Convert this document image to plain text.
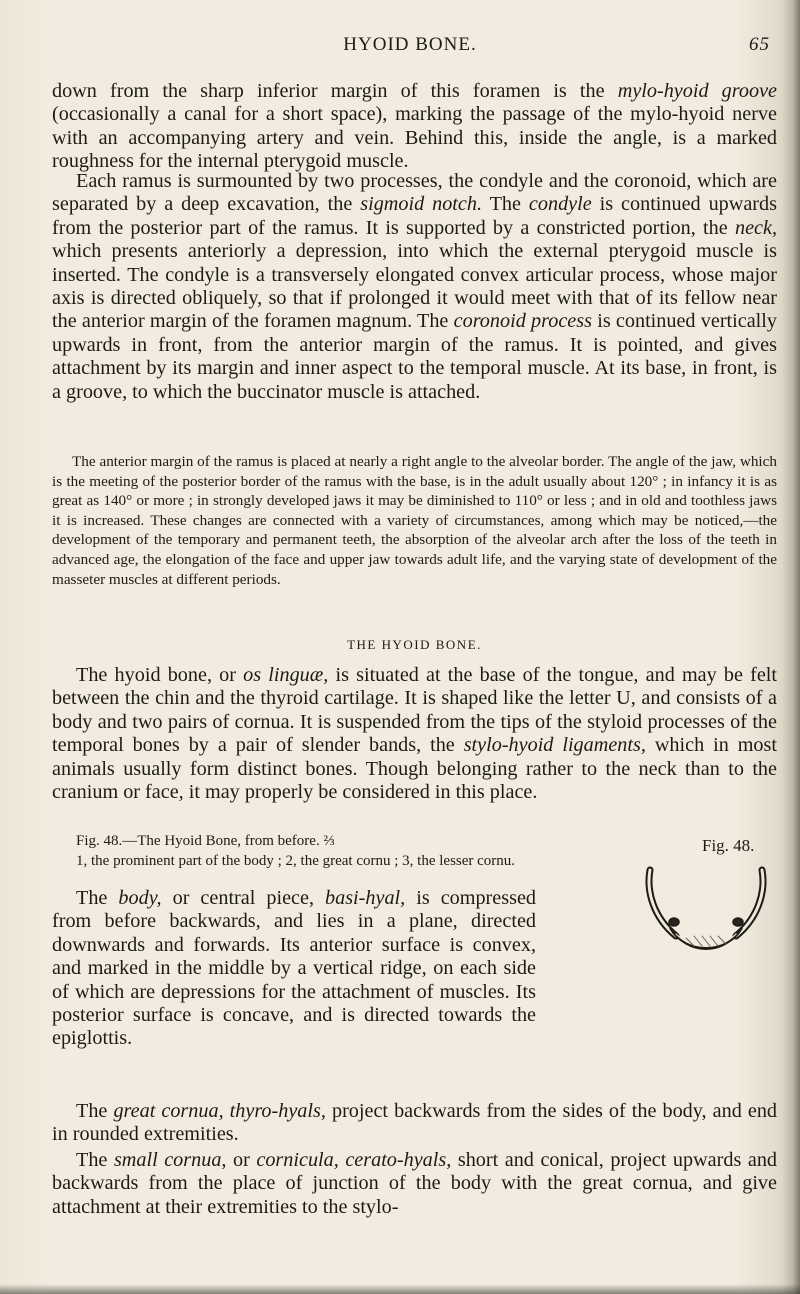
HYOID BONE.	65

down from the sharp inferior margin of this foramen is the mylo-hyoid groove (occasionally a canal for a short space), marking the passage of the mylo-hyoid nerve with an accompanying artery and vein. Behind this, inside the angle, is a marked roughness for the internal pterygoid muscle.

Each ramus is surmounted by two processes, the condyle and the coronoid, which are separated by a deep excavation, the sigmoid notch. The condyle is continued upwards from the posterior part of the ramus. It is supported by a constricted portion, the neck, which presents anteriorly a depression, into which the external pterygoid muscle is inserted. The condyle is a transversely elongated convex articular process, whose major axis is directed obliquely, so that if prolonged it would meet with that of its fellow near the anterior margin of the foramen magnum. The coronoid process is continued vertically upwards in front, from the anterior margin of the ramus. It is pointed, and gives attachment by its margin and inner aspect to the temporal muscle. At its base, in front, is a groove, to which the buccinator muscle is attached.

The anterior margin of the ramus is placed at nearly a right angle to the alveolar border. The angle of the jaw, which is the meeting of the posterior border of the ramus with the base, is in the adult usually about 120° ; in infancy it is as great as 140° or more ; in strongly developed jaws it may be diminished to 110° or less ; and in old and toothless jaws it is increased. These changes are connected with a variety of circumstances, among which may be noticed,—the development of the temporary and permanent teeth, the absorption of the alveolar arch after the loss of the teeth in advanced age, the elongation of the face and upper jaw towards adult life, and the varying state of development of the masseter muscles at different periods.

THE HYOID BONE.

The hyoid bone, or os linguæ, is situated at the base of the tongue, and may be felt between the chin and the thyroid cartilage. It is shaped like the letter U, and consists of a body and two pairs of cornua. It is suspended from the tips of the styloid processes of the temporal bones by a pair of slender bands, the stylo-hyoid ligaments, which in most animals usually form distinct bones. Though belonging rather to the neck than to the cranium or face, it may properly be considered in this place.

Fig. 48.—The Hyoid Bone, from before. ⅔

1, the prominent part of the body ; 2, the great cornu ; 3, the lesser cornu.

Fig. 48.

The body, or central piece, basi-hyal, is compressed from before backwards, and lies in a plane, directed downwards and forwards. Its anterior surface is convex, and marked in the middle by a vertical ridge, on each side of which are depressions for the attachment of muscles. Its posterior surface is concave, and is directed towards the epiglottis.

The great cornua, thyro-hyals, project backwards from the sides of the body, and end in rounded extremities.

The small cornua, or cornicula, cerato-hyals, short and conical, project upwards and backwards from the place of junction of the body with the great cornua, and give attachment at their extremities to the stylo-
